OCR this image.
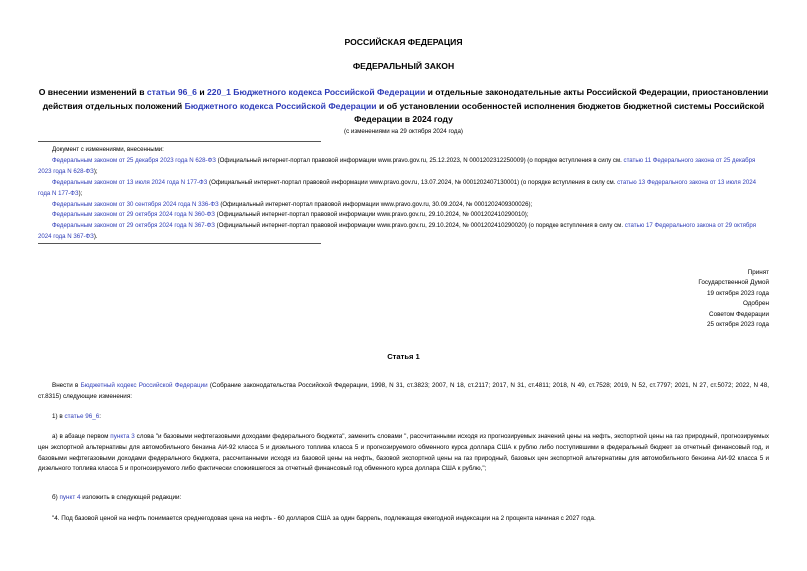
РОССИЙСКАЯ ФЕДЕРАЦИЯ
ФЕДЕРАЛЬНЫЙ ЗАКОН
О внесении изменений в статьи 96_6 и 220_1 Бюджетного кодекса Российской Федерации и отдельные законодательные акты Российской Федерации, приостановлении действия отдельных положений Бюджетного кодекса Российской Федерации и об установлении особенностей исполнения бюджетов бюджетной системы Российской Федерации в 2024 году
(с изменениями на 29 октября 2024 года)
Документ с изменениями, внесенными:
Федеральным законом от 25 декабря 2023 года N 628-ФЗ (Официальный интернет-портал правовой информации www.pravo.gov.ru, 25.12.2023, N 0001202312250009) (о порядке вступления в силу см. статью 11 Федерального закона от 25 декабря 2023 года N 628-ФЗ);
Федеральным законом от 13 июля 2024 года N 177-ФЗ (Официальный интернет-портал правовой информации www.pravo.gov.ru, 13.07.2024, № 0001202407130001) (о порядке вступления в силу см. статью 13 Федерального закона от 13 июля 2024 года N 177-ФЗ);
Федеральным законом от 30 сентября 2024 года N 336-ФЗ (Официальный интернет-портал правовой информации www.pravo.gov.ru, 30.09.2024, № 0001202409300026);
Федеральным законом от 29 октября 2024 года N 360-ФЗ (Официальный интернет-портал правовой информации www.pravo.gov.ru, 29.10.2024, № 0001202410290010);
Федеральным законом от 29 октября 2024 года N 367-ФЗ (Официальный интернет-портал правовой информации www.pravo.gov.ru, 29.10.2024, № 0001202410290020) (о порядке вступления в силу см. статью 17 Федерального закона от 29 октября 2024 года N 367-ФЗ).
Принят
Государственной Думой
19 октября 2023 года
Одобрен
Советом Федерации
25 октября 2023 года
Статья 1

Внести в Бюджетный кодекс Российской Федерации (Собрание законодательства Российской Федерации, 1998, N 31, ст.3823; 2007, N 18, ст.2117; 2017, N 31, ст.4811; 2018, N 49, ст.7528; 2019, N 52, ст.7797; 2021, N 27, ст.5072; 2022, N 48, ст.8315) следующие изменения:

1) в статье 96_6:

а) в абзаце первом пункта 3 слова "и базовыми нефтегазовыми доходами федерального бюджета", заменить словами ", рассчитанными исходя из прогнозируемых значений цены на нефть, экспортной цены на газ природный, прогнозируемых цен экспортной альтернативы для автомобильного бензина АИ-92 класса 5 и дизельного топлива класса 5 и прогнозируемого обменного курса доллара США к рублю либо поступившими в федеральный бюджет за отчетный финансовый год, и базовыми нефтегазовыми доходами федерального бюджета, рассчитанными исходя из базовой цены на нефть, базовой экспортной цены на газ природный, базовых цен экспортной альтернативы для автомобильного бензина АИ-92 класса 5 и дизельного топлива класса 5 и прогнозируемого либо фактически сложившегося за отчетный финансовый год обменного курса доллара США к рублю,";

б) пункт 4 изложить в следующей редакции:

"4. Под базовой ценой на нефть понимается среднегодовая цена на нефть - 60 долларов США за один баррель, подлежащая ежегодной индексации на 2 процента начиная с 2027 года.
